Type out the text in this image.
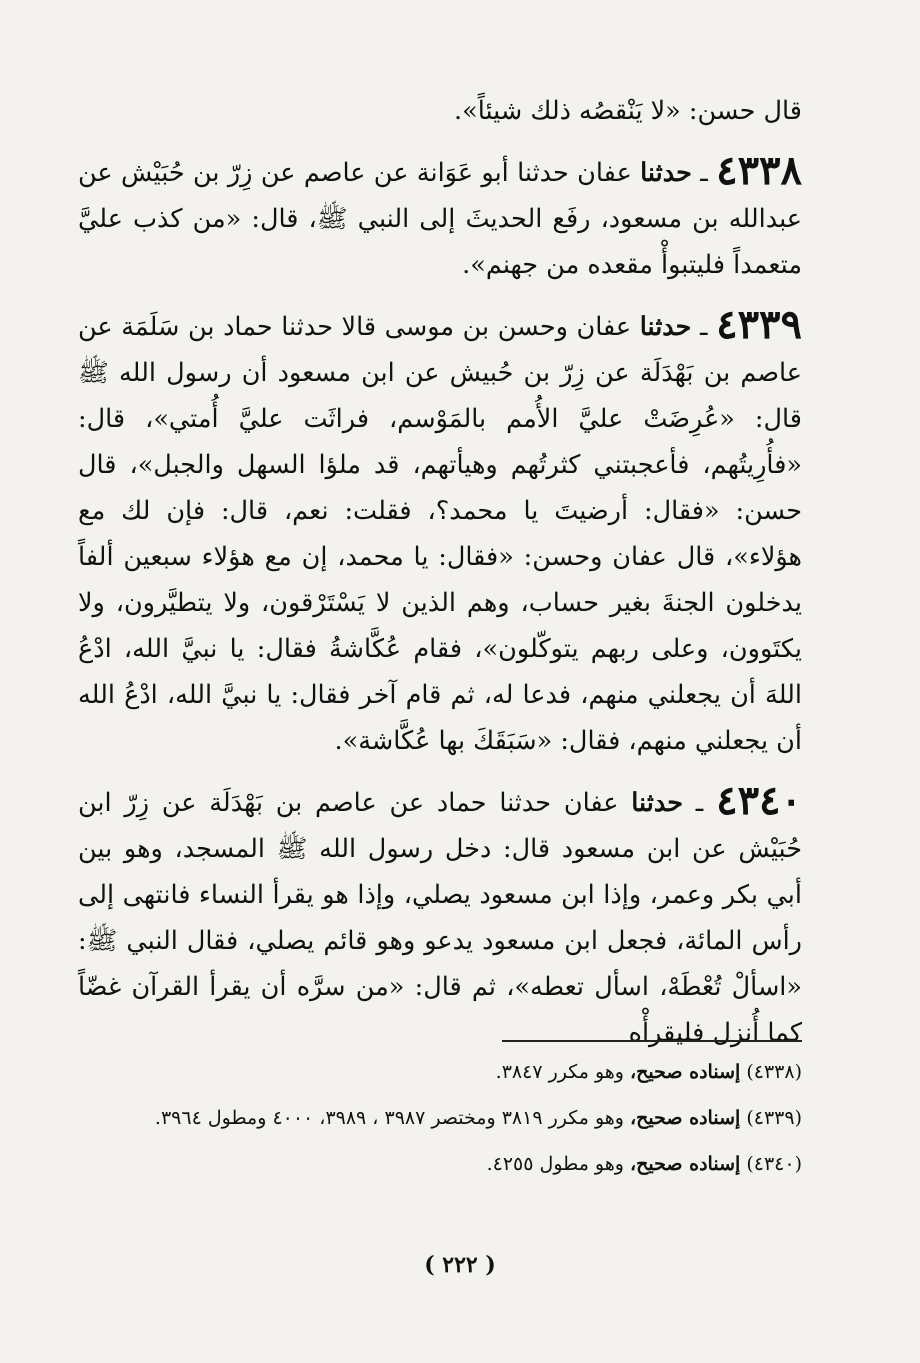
قال حسن: «لا يَنْقصُه ذلك شيئاً».

٤٣٣٨ ـ حدثنا عفان حدثنا أبو عَوَانة عن عاصم عن زِرّ بن حُبَيْش عن عبدالله بن مسعود، رفَع الحديثَ إلى النبي ﷺ، قال: «من كذب عليَّ متعمداً فليتبوأْ مقعده من جهنم».

٤٣٣٩ ـ حدثنا عفان وحسن بن موسى قالا حدثنا حماد بن سَلَمَة عن عاصم بن بَهْدَلَة عن زِرّ بن حُبيش عن ابن مسعود أن رسول الله ﷺ قال: «عُرِضَتْ عليَّ الأُمم بالمَوْسم، فراثَت عليَّ أُمتي»، قال: «فأُرِيتُهم، فأعجبتني كثرتُهم وهيأتهم، قد ملؤا السهل والجبل»، قال حسن: «فقال: أرضيتَ يا محمد؟، فقلت: نعم، قال: فإن لك مع هؤلاء»، قال عفان وحسن: «فقال: يا محمد، إن مع هؤلاء سبعين ألفاً يدخلون الجنةَ بغير حساب، وهم الذين لا يَسْتَرْقون، ولا يتطيَّرون، ولا يكتَوون، وعلى ربهم يتوكّلون»، فقام عُكَّاشةُ فقال: يا نبيَّ الله، ادْعُ اللهَ أن يجعلني منهم، فدعا له، ثم قام آخر فقال: يا نبيَّ الله، ادْعُ الله أن يجعلني منهم، فقال: «سَبَقَكَ بها عُكَّاشة».

٤٣٤٠ ـ حدثنا عفان حدثنا حماد عن عاصم بن بَهْدَلَة عن زِرّ ابن حُبَيْش عن ابن مسعود قال: دخل رسول الله ﷺ المسجد، وهو بين أبي بكر وعمر، وإذا ابن مسعود يصلي، وإذا هو يقرأ النساء فانتهى إلى رأس المائة، فجعل ابن مسعود يدعو وهو قائم يصلي، فقال النبي ﷺ: «اسألْ تُعْطَهْ، اسأل تعطه»، ثم قال: «من سرَّه أن يقرأ القرآن غضّاً كما أُنزل فليقرأْه

(٤٣٣٨) إسناده صحيح، وهو مكرر ٣٨٤٧.

(٤٣٣٩) إسناده صحيح، وهو مكرر ٣٨١٩ ومختصر ٣٩٨٧ ، ٣٩٨٩، ٤٠٠٠ ومطول ٣٩٦٤.

(٤٣٤٠) إسناده صحيح، وهو مطول ٤٢٥٥.

( ٢٢٢ )
